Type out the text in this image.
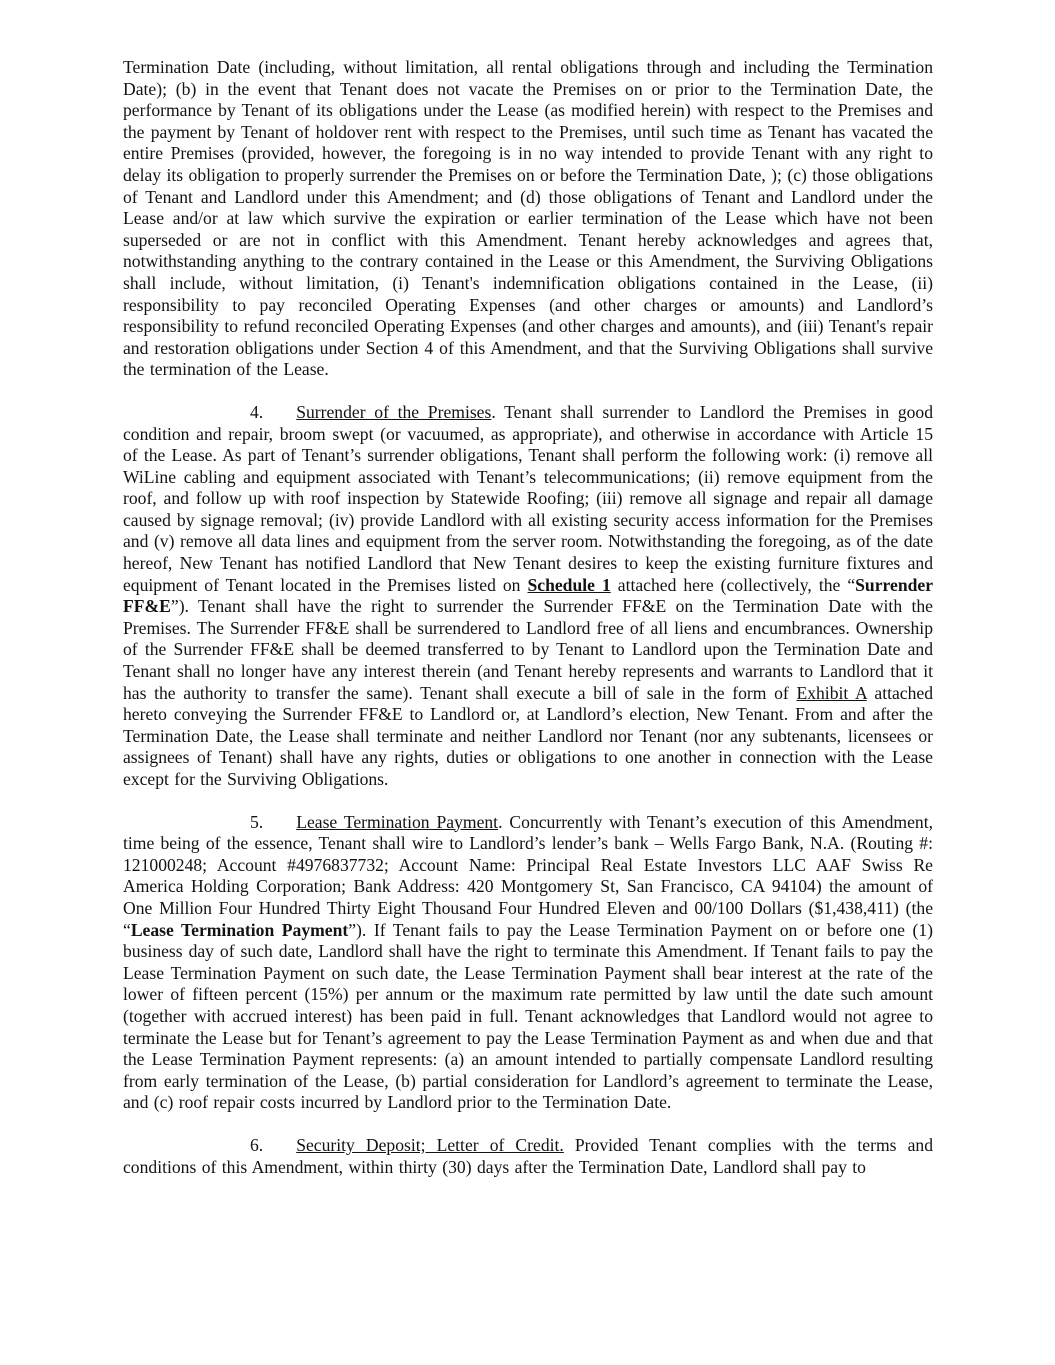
Termination Date (including, without limitation, all rental obligations through and including the Termination Date); (b) in the event that Tenant does not vacate the Premises on or prior to the Termination Date, the performance by Tenant of its obligations under the Lease (as modified herein) with respect to the Premises and the payment by Tenant of holdover rent with respect to the Premises, until such time as Tenant has vacated the entire Premises (provided, however, the foregoing is in no way intended to provide Tenant with any right to delay its obligation to properly surrender the Premises on or before the Termination Date, ); (c) those obligations of Tenant and Landlord under this Amendment; and (d) those obligations of Tenant and Landlord under the Lease and/or at law which survive the expiration or earlier termination of the Lease which have not been superseded or are not in conflict with this Amendment. Tenant hereby acknowledges and agrees that, notwithstanding anything to the contrary contained in the Lease or this Amendment, the Surviving Obligations shall include, without limitation, (i) Tenant's indemnification obligations contained in the Lease, (ii) responsibility to pay reconciled Operating Expenses (and other charges or amounts) and Landlord’s responsibility to refund reconciled Operating Expenses (and other charges and amounts), and (iii) Tenant's repair and restoration obligations under Section 4 of this Amendment, and that the Surviving Obligations shall survive the termination of the Lease.

4. Surrender of the Premises. Tenant shall surrender to Landlord the Premises in good condition and repair, broom swept (or vacuumed, as appropriate), and otherwise in accordance with Article 15 of the Lease. As part of Tenant’s surrender obligations, Tenant shall perform the following work: (i) remove all WiLine cabling and equipment associated with Tenant’s telecommunications; (ii) remove equipment from the roof, and follow up with roof inspection by Statewide Roofing; (iii) remove all signage and repair all damage caused by signage removal; (iv) provide Landlord with all existing security access information for the Premises and (v) remove all data lines and equipment from the server room. Notwithstanding the foregoing, as of the date hereof, New Tenant has notified Landlord that New Tenant desires to keep the existing furniture fixtures and equipment of Tenant located in the Premises listed on Schedule 1 attached here (collectively, the “Surrender FF&E”). Tenant shall have the right to surrender the Surrender FF&E on the Termination Date with the Premises. The Surrender FF&E shall be surrendered to Landlord free of all liens and encumbrances. Ownership of the Surrender FF&E shall be deemed transferred to by Tenant to Landlord upon the Termination Date and Tenant shall no longer have any interest therein (and Tenant hereby represents and warrants to Landlord that it has the authority to transfer the same). Tenant shall execute a bill of sale in the form of Exhibit A attached hereto conveying the Surrender FF&E to Landlord or, at Landlord’s election, New Tenant. From and after the Termination Date, the Lease shall terminate and neither Landlord nor Tenant (nor any subtenants, licensees or assignees of Tenant) shall have any rights, duties or obligations to one another in connection with the Lease except for the Surviving Obligations.

5. Lease Termination Payment. Concurrently with Tenant’s execution of this Amendment, time being of the essence, Tenant shall wire to Landlord’s lender’s bank – Wells Fargo Bank, N.A. (Routing #: 121000248; Account #4976837732; Account Name: Principal Real Estate Investors LLC AAF Swiss Re America Holding Corporation; Bank Address: 420 Montgomery St, San Francisco, CA 94104) the amount of One Million Four Hundred Thirty Eight Thousand Four Hundred Eleven and 00/100 Dollars ($1,438,411) (the “Lease Termination Payment”). If Tenant fails to pay the Lease Termination Payment on or before one (1) business day of such date, Landlord shall have the right to terminate this Amendment. If Tenant fails to pay the Lease Termination Payment on such date, the Lease Termination Payment shall bear interest at the rate of the lower of fifteen percent (15%) per annum or the maximum rate permitted by law until the date such amount (together with accrued interest) has been paid in full. Tenant acknowledges that Landlord would not agree to terminate the Lease but for Tenant’s agreement to pay the Lease Termination Payment as and when due and that the Lease Termination Payment represents: (a) an amount intended to partially compensate Landlord resulting from early termination of the Lease, (b) partial consideration for Landlord’s agreement to terminate the Lease, and (c) roof repair costs incurred by Landlord prior to the Termination Date.

6. Security Deposit; Letter of Credit. Provided Tenant complies with the terms and conditions of this Amendment, within thirty (30) days after the Termination Date, Landlord shall pay to
